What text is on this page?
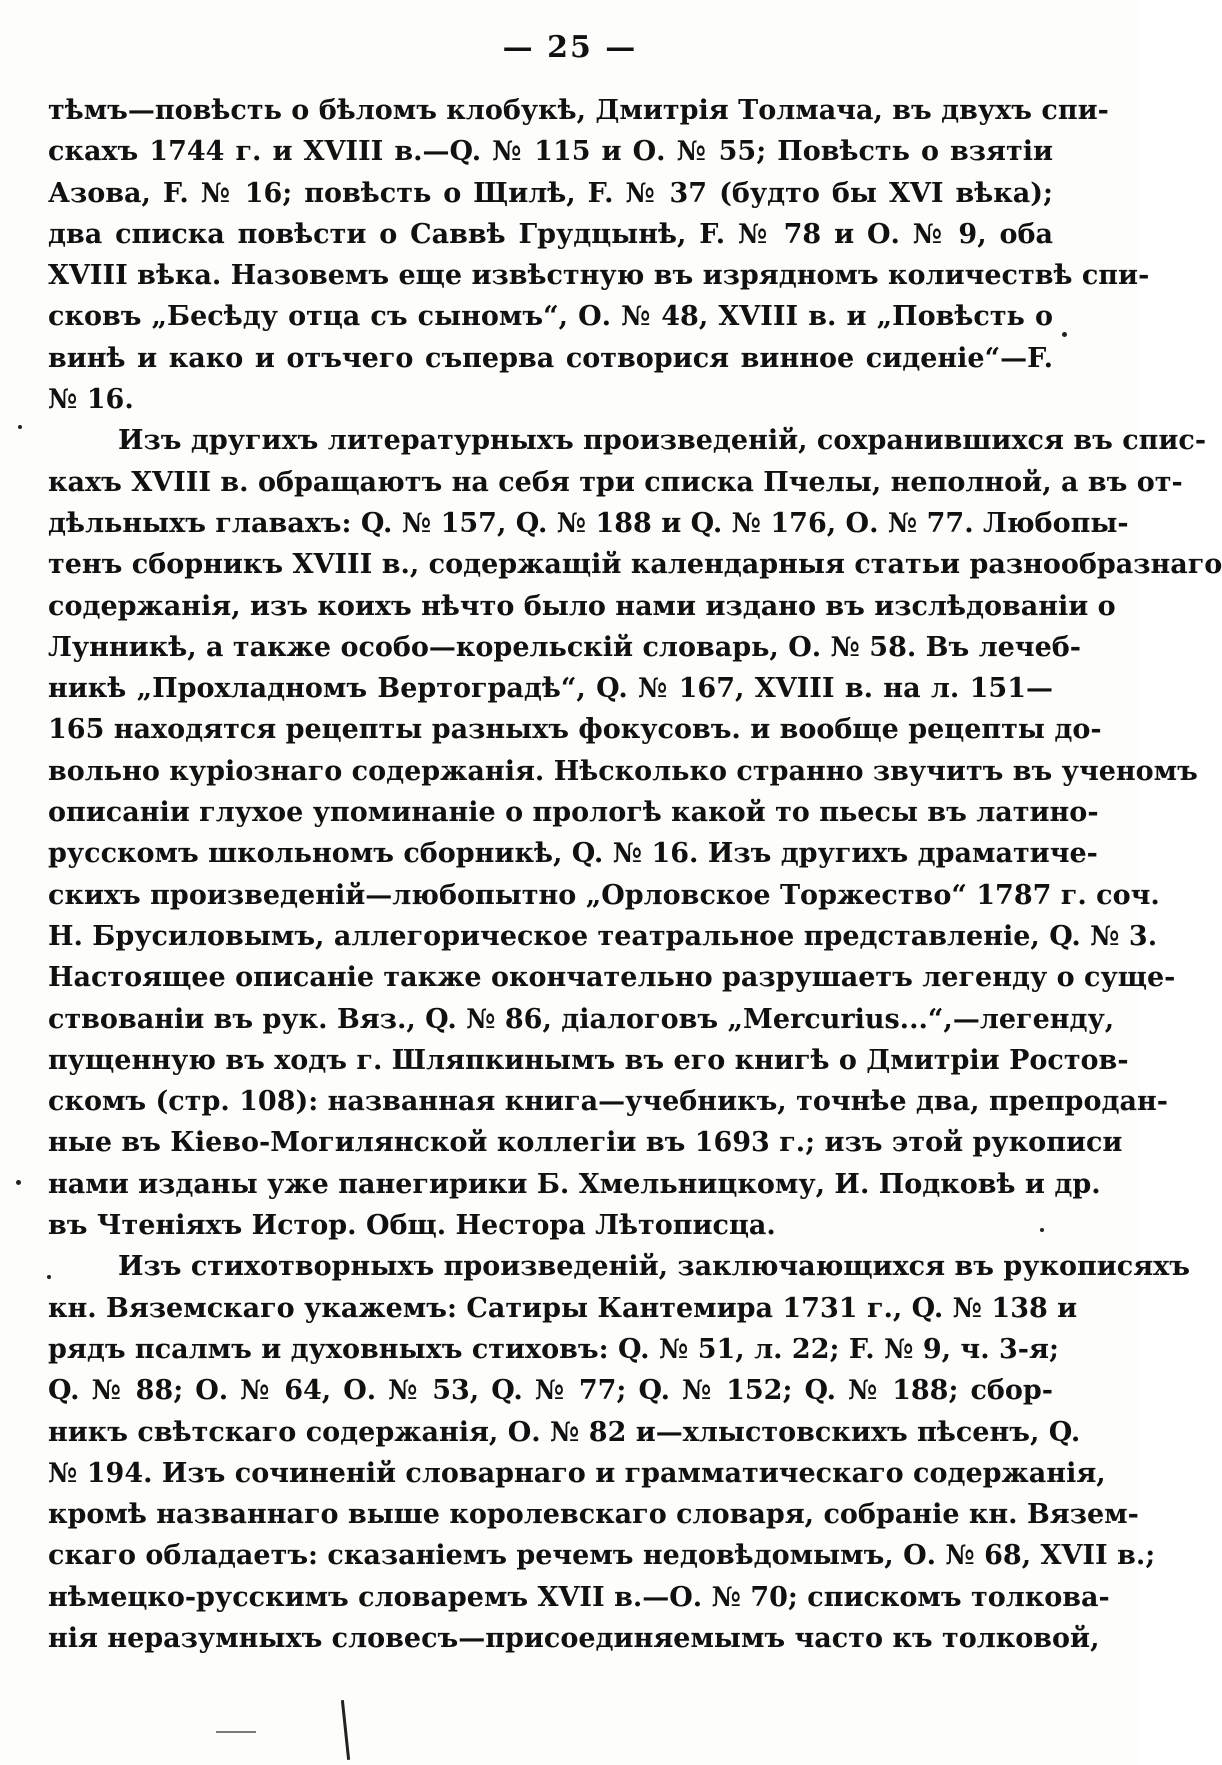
— 25 —
тѣмъ—повѣсть о бѣломъ клобукѣ, Дмитрія Толмача, въ двухъ спи-
скахъ 1744 г. и XVIII в.—Q. № 115 и О. № 55; Повѣсть о взятіи
Азова, F. № 16; повѣсть о Щилѣ, F. № 37 (будто бы XVI вѣка);
два списка повѣсти о Саввѣ Грудцынѣ, F. № 78 и О. № 9, оба
XVIII вѣка. Назовемъ еще извѣстную въ изрядномъ количествѣ спи-
сковъ „Бесѣду отца съ сыномъ“, О. № 48, XVIII в. и „Повѣсть о
винѣ и како и отъчего съперва сотворися винное сиденіе“—F.
№ 16.
Изъ другихъ литературныхъ произведеній, сохранившихся въ спис-
кахъ XVIII в. обращаютъ на себя три списка Пчелы, неполной, а въ от-
дѣльныхъ главахъ: Q. № 157, Q. № 188 и Q. № 176, О. № 77. Любопы-
тенъ сборникъ XVIII в., содержащій календарныя статьи разнообразнаго
содержанія, изъ коихъ нѣчто было нами издано въ изслѣдованіи о
Лунникѣ, а также особо—корельскій словарь, О. № 58. Въ лечеб-
никѣ „Прохладномъ Вертоградѣ“, Q. № 167, XVIII в. на л. 151—
165 находятся рецепты разныхъ фокусовъ. и вообще рецепты до-
вольно куріознаго содержанія. Нѣсколько странно звучитъ въ ученомъ
описаніи глухое упоминаніе о прологѣ какой то пьесы въ латино-
русскомъ школьномъ сборникѣ, Q. № 16. Изъ другихъ драматиче-
скихъ произведеній—любопытно „Орловское Торжество“ 1787 г. соч.
Н. Брусиловымъ, аллегорическое театральное представленіе, Q. № 3.
Настоящее описаніе также окончательно разрушаетъ легенду о суще-
ствованіи въ рук. Вяз., Q. № 86, діалоговъ „Mercurius...“,—легенду,
пущенную въ ходъ г. Шляпкинымъ въ его книгѣ о Дмитріи Ростов-
скомъ (стр. 108): названная книга—учебникъ, точнѣе два, препродан-
ные въ Кіево-Могилянской коллегіи въ 1693 г.; изъ этой рукописи
нами изданы уже панегирики Б. Хмельницкому, И. Подковѣ и др.
въ Чтеніяхъ Истор. Общ. Нестора Лѣтописца.
Изъ стихотворныхъ произведеній, заключающихся въ рукописяхъ
кн. Вяземскаго укажемъ: Сатиры Кантемира 1731 г., Q. № 138 и
рядъ псалмъ и духовныхъ стиховъ: Q. № 51, л. 22; F. № 9, ч. 3-я;
Q. № 88; О. № 64, О. № 53, Q. № 77; Q. № 152; Q. № 188; сбор-
никъ свѣтскаго содержанія, О. № 82 и—хлыстовскихъ пѣсенъ, Q.
№ 194. Изъ сочиненій словарнаго и грамматическаго содержанія,
кромѣ названнаго выше королевскаго словаря, собраніе кн. Вязем-
скаго обладаетъ: сказаніемъ речемъ недовѣдомымъ, О. № 68, XVII в.;
нѣмецко-русскимъ словаремъ XVII в.—О. № 70; спискомъ толкова-
нія неразумныхъ словесъ—присоединяемымъ часто къ толковой,
